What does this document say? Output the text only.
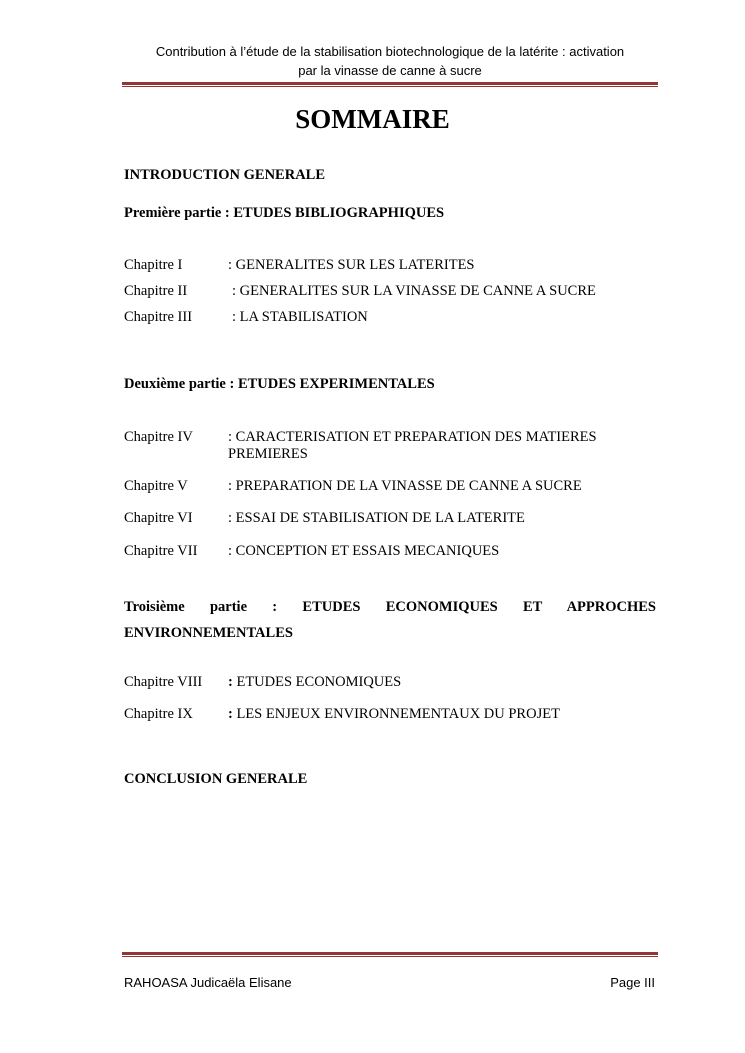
Contribution à l’étude de la stabilisation biotechnologique de la latérite : activation
par la vinasse de canne à sucre
SOMMAIRE
INTRODUCTION GENERALE
Première partie : ETUDES BIBLIOGRAPHIQUES
Chapitre I	: GENERALITES SUR LES LATERITES
Chapitre II	: GENERALITES SUR LA VINASSE DE CANNE A SUCRE
Chapitre III	: LA STABILISATION
Deuxième partie : ETUDES EXPERIMENTALES
Chapitre IV : CARACTERISATION ET PREPARATION DES MATIERES PREMIERES
Chapitre V	: PREPARATION DE LA VINASSE DE CANNE A SUCRE
Chapitre VI : ESSAI DE STABILISATION DE LA LATERITE
Chapitre VII : CONCEPTION ET ESSAIS MECANIQUES
Troisième partie : ETUDES ECONOMIQUES ET APPROCHES ENVIRONNEMENTALES
Chapitre VIII : ETUDES ECONOMIQUES
Chapitre IX : LES ENJEUX ENVIRONNEMENTAUX DU PROJET
CONCLUSION GENERALE
RAHOASA Judicaëla Elisane	Page III
